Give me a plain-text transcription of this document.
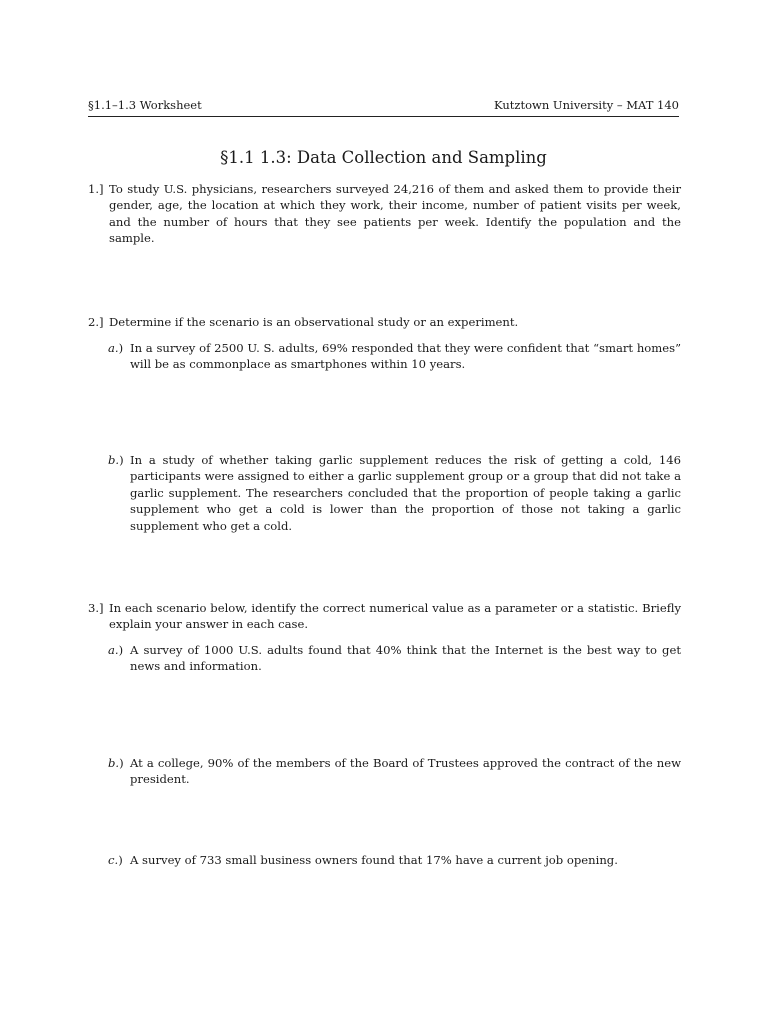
§1.1–1.3 Worksheet	Kutztown University – MAT 140
§1.1 1.3: Data Collection and Sampling
1.] To study U.S. physicians, researchers surveyed 24,216 of them and asked them to provide their gender, age, the location at which they work, their income, number of patient visits per week, and the number of hours that they see patients per week. Identify the population and the sample.
2.] Determine if the scenario is an observational study or an experiment.
a.) In a survey of 2500 U. S. adults, 69% responded that they were confident that “smart homes” will be as commonplace as smartphones within 10 years.
b.) In a study of whether taking garlic supplement reduces the risk of getting a cold, 146 participants were assigned to either a garlic supplement group or a group that did not take a garlic supplement. The researchers concluded that the proportion of people taking a garlic supplement who get a cold is lower than the proportion of those not taking a garlic supplement who get a cold.
3.] In each scenario below, identify the correct numerical value as a parameter or a statistic. Briefly explain your answer in each case.
a.) A survey of 1000 U.S. adults found that 40% think that the Internet is the best way to get news and information.
b.) At a college, 90% of the members of the Board of Trustees approved the contract of the new president.
c.) A survey of 733 small business owners found that 17% have a current job opening.
